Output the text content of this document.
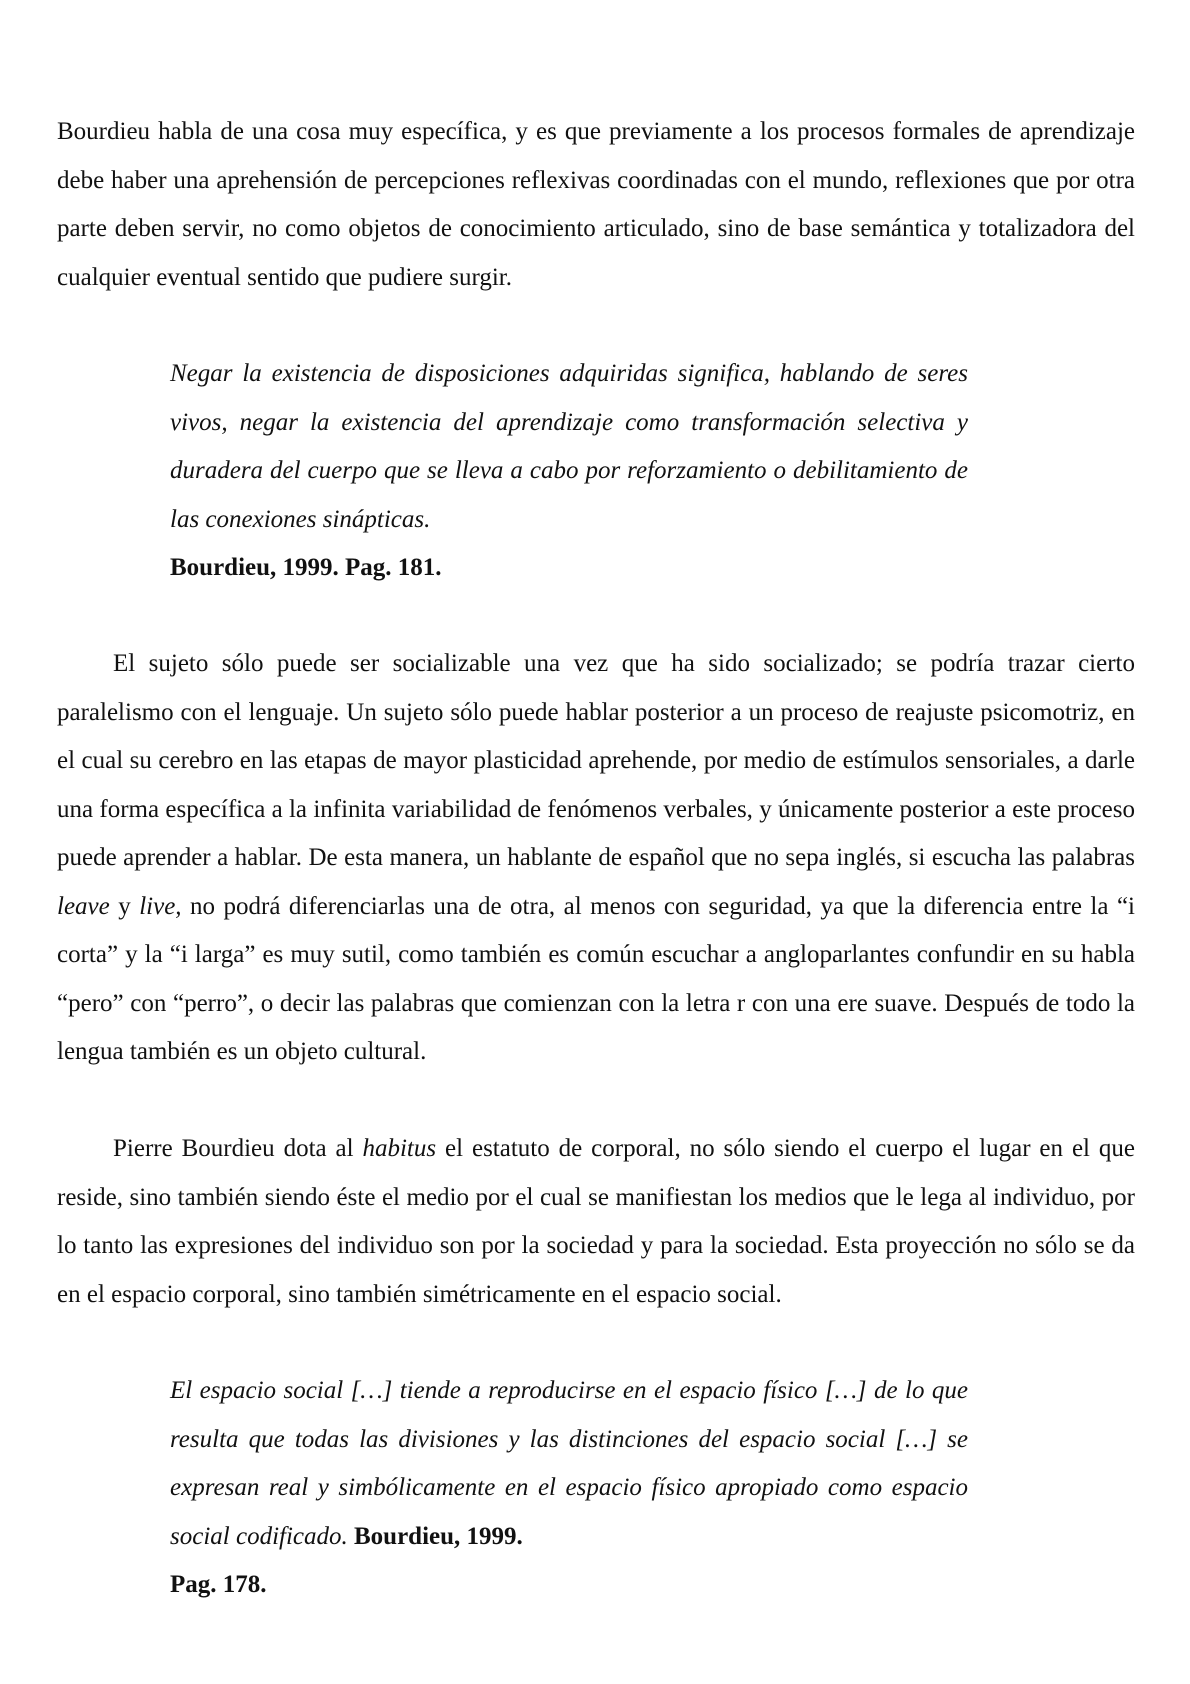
Bourdieu habla de una cosa muy específica, y es que previamente a los procesos formales de aprendizaje debe haber una aprehensión de percepciones reflexivas coordinadas con el mundo, reflexiones que por otra parte deben servir, no como objetos de conocimiento articulado, sino de base semántica y totalizadora del cualquier eventual sentido que pudiere surgir.

Negar la existencia de disposiciones adquiridas significa, hablando de seres vivos, negar la existencia del aprendizaje como transformación selectiva y duradera del cuerpo que se lleva a cabo por reforzamiento o debilitamiento de las conexiones sinápticas.
Bourdieu, 1999. Pag. 181.

El sujeto sólo puede ser socializable una vez que ha sido socializado; se podría trazar cierto paralelismo con el lenguaje. Un sujeto sólo puede hablar posterior a un proceso de reajuste psicomotriz, en el cual su cerebro en las etapas de mayor plasticidad aprehende, por medio de estímulos sensoriales, a darle una forma específica a la infinita variabilidad de fenómenos verbales, y únicamente posterior a este proceso puede aprender a hablar. De esta manera, un hablante de español que no sepa inglés, si escucha las palabras leave y live, no podrá diferenciarlas una de otra, al menos con seguridad, ya que la diferencia entre la “i corta” y la “i larga” es muy sutil, como también es común escuchar a angloparlantes confundir en su habla “pero” con “perro”, o decir las palabras que comienzan con la letra r con una ere suave. Después de todo la lengua también es un objeto cultural.

Pierre Bourdieu dota al habitus el estatuto de corporal, no sólo siendo el cuerpo el lugar en el que reside, sino también siendo éste el medio por el cual se manifiestan los medios que le lega al individuo, por lo tanto las expresiones del individuo son por la sociedad y para la sociedad. Esta proyección no sólo se da en el espacio corporal, sino también simétricamente en el espacio social.

El espacio social […] tiende a reproducirse en el espacio físico […] de lo que resulta que todas las divisiones y las distinciones del espacio social […] se expresan real y simbólicamente en el espacio físico apropiado como espacio social codificado. Bourdieu, 1999.
Pag. 178.
